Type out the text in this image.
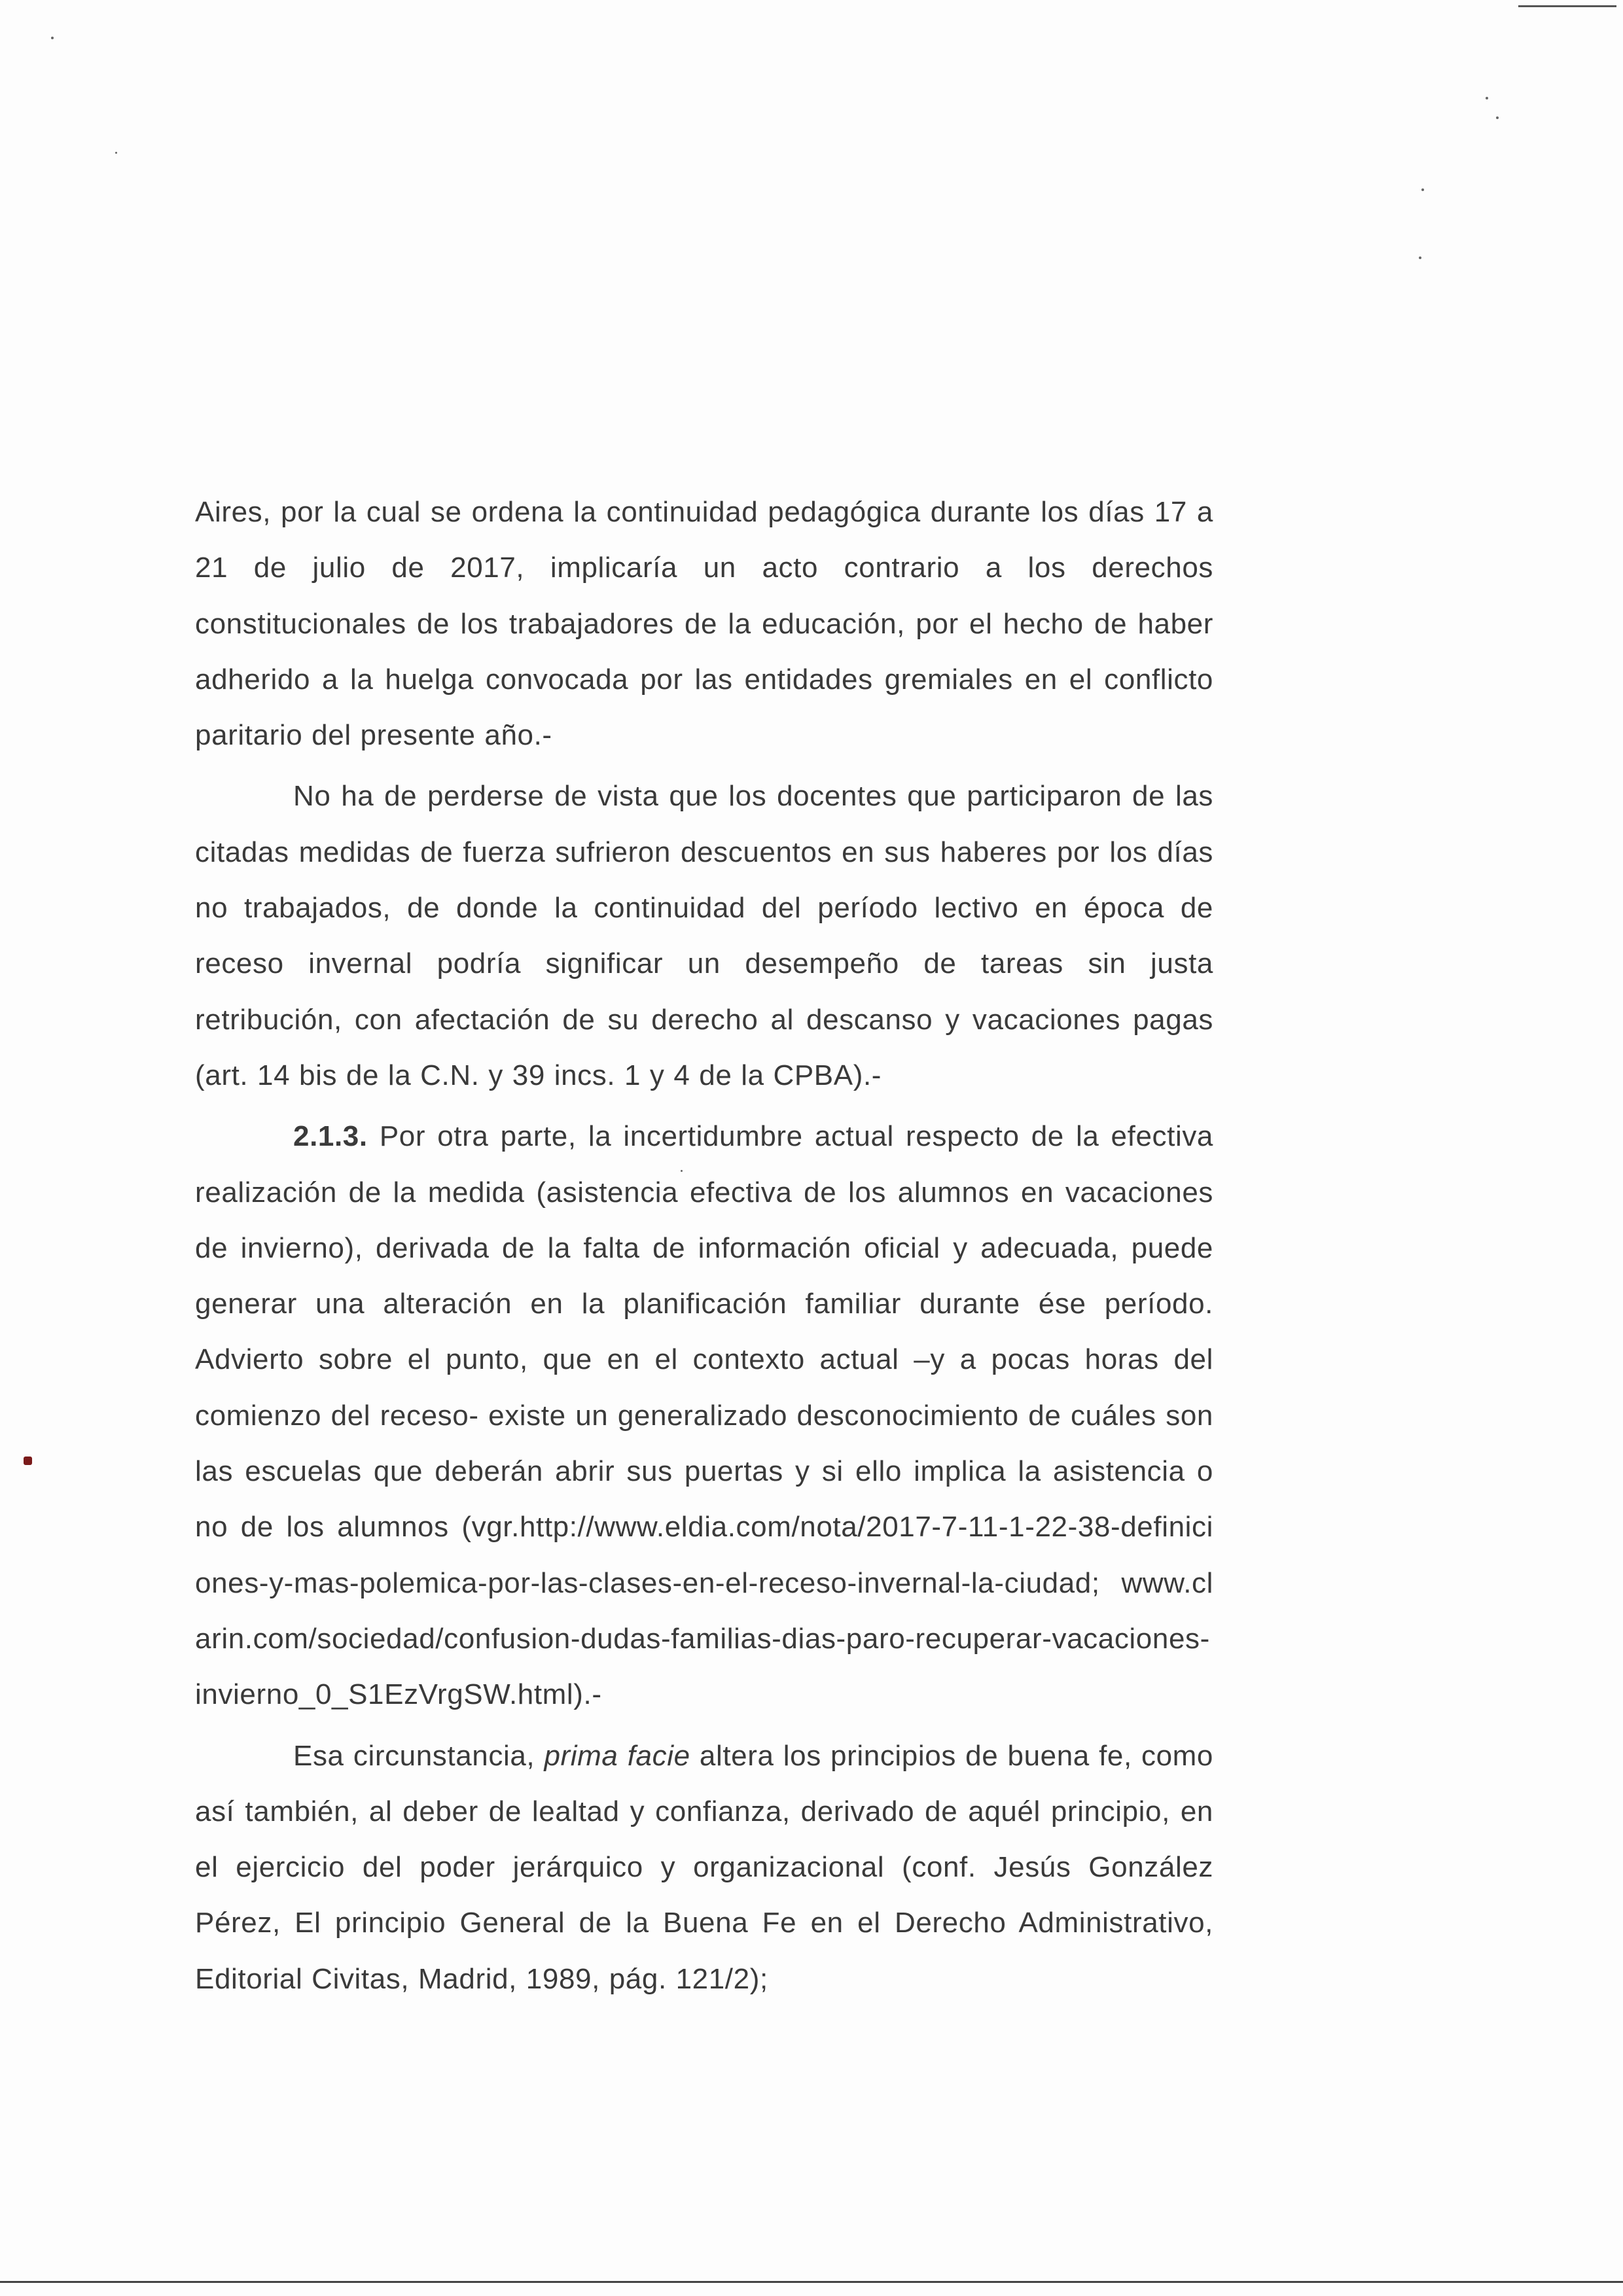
Aires, por la cual se ordena la continuidad pedagógica durante los días 17 a 21 de julio de 2017, implicaría un acto contrario a los derechos constitucionales de los trabajadores de la educación, por el hecho de haber adherido a la huelga convocada por las entidades gremiales en el conflicto paritario del presente año.-

No ha de perderse de vista que los docentes que participaron de las citadas medidas de fuerza sufrieron descuentos en sus haberes por los días no trabajados, de donde la continuidad del período lectivo en época de receso invernal podría significar un desempeño de tareas sin justa retribución, con afectación de su derecho al descanso y vacaciones pagas (art. 14 bis de la C.N. y 39 incs. 1 y 4 de la CPBA).-

2.1.3. Por otra parte, la incertidumbre actual respecto de la efectiva realización de la medida (asistencia efectiva de los alumnos en vacaciones de invierno), derivada de la falta de información oficial y adecuada, puede generar una alteración en la planificación familiar durante ése período. Advierto sobre el punto, que en el contexto actual –y a pocas horas del comienzo del receso- existe un generalizado desconocimiento de cuáles son las escuelas que deberán abrir sus puertas y si ello implica la asistencia o no de los alumnos (vgr.http://www.eldia.com/nota/2017-7-11-1-22-38-definiciones-y-mas-polemica-por-las-clases-en-el-receso-invernal-la-ciudad; www.clarin.com/sociedad/confusion-dudas-familias-dias-paro-recuperar-vacaciones-invierno_0_S1EzVrgSW.html).-

Esa circunstancia, prima facie altera los principios de buena fe, como así también, al deber de lealtad y confianza, derivado de aquél principio, en el ejercicio del poder jerárquico y organizacional (conf. Jesús González Pérez, El principio General de la Buena Fe en el Derecho Administrativo, Editorial Civitas, Madrid, 1989, pág. 121/2);
